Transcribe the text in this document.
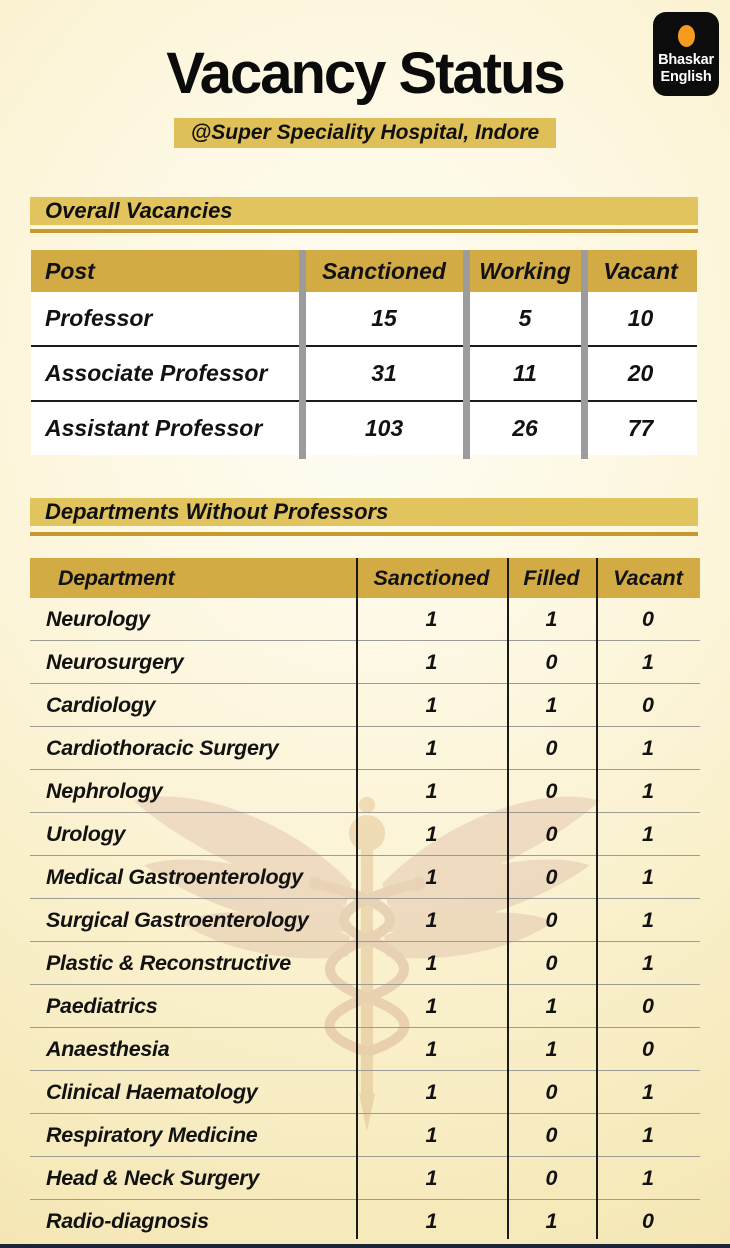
Bhaskar
English
Vacancy Status
@Super Speciality Hospital, Indore
Overall Vacancies
Post	Sanctioned	Working	Vacant
Professor	15	5	10
Associate Professor	31	11	20
Assistant Professor	103	26	77
Departments Without Professors
Department	Sanctioned	Filled	Vacant
Neurology	1	1	0
Neurosurgery	1	0	1
Cardiology	1	1	0
Cardiothoracic Surgery	1	0	1
Nephrology	1	0	1
Urology	1	0	1
Medical Gastroenterology	1	0	1
Surgical Gastroenterology	1	0	1
Plastic & Reconstructive	1	0	1
Paediatrics	1	1	0
Anaesthesia	1	1	0
Clinical Haematology	1	0	1
Respiratory Medicine	1	0	1
Head & Neck Surgery	1	0	1
Radio-diagnosis	1	1	0
